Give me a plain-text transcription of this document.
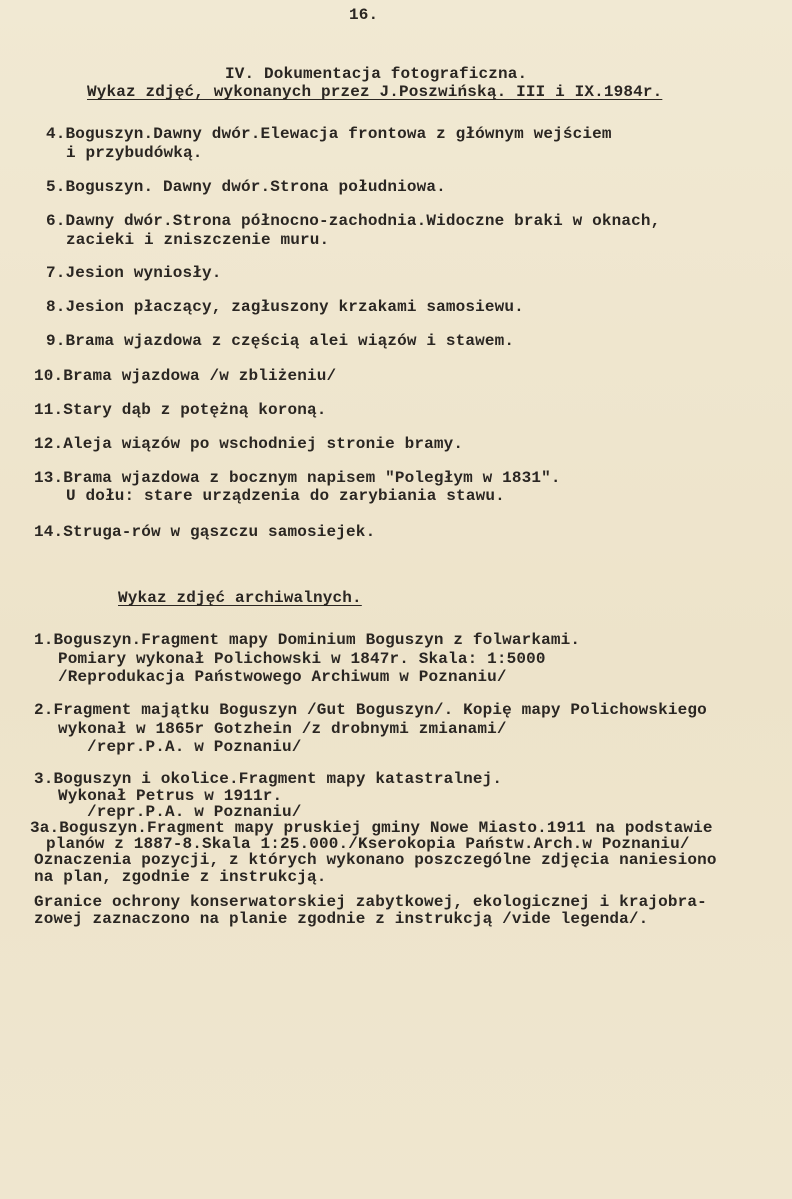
16.

IV. Dokumentacja fotograficzna.

Wykaz zdjęć, wykonanych przez J.Poszwińską. III i IX.1984r.
4.Boguszyn.Dawny dwór.Elewacja frontowa z głównym wejściem
i przybudówką.
5.Boguszyn. Dawny dwór.Strona południowa.
6.Dawny dwór.Strona północno-zachodnia.Widoczne braki w oknach,
zacieki i zniszczenie muru.
7.Jesion wyniosły.
8.Jesion płaczący, zagłuszony krzakami samosiewu.
9.Brama wjazdowa z częścią alei wiązów i stawem.
10.Brama wjazdowa /w zbliżeniu/
11.Stary dąb z potężną koroną.
12.Aleja wiązów po wschodniej stronie bramy.
13.Brama wjazdowa z bocznym napisem "Poległym w 1831".
U dołu: stare urządzenia do zarybiania stawu.
14.Struga-rów w gąszczu samosiejek.
Wykaz zdjęć archiwalnych.
1.Boguszyn.Fragment mapy Dominium Boguszyn z folwarkami.
Pomiary wykonał Polichowski w 1847r. Skala: 1:5000
/Reprodukacja Państwowego Archiwum w Poznaniu/
2.Fragment majątku Boguszyn /Gut Boguszyn/. Kopię mapy Polichowskiego
wykonał w 1865r Gotzhein /z drobnymi zmianami/
/repr.P.A. w Poznaniu/
3.Boguszyn i okolice.Fragment mapy katastralnej.
Wykonał Petrus w 1911r.
/repr.P.A. w Poznaniu/
3a.Boguszyn.Fragment mapy pruskiej gminy Nowe Miasto.1911 na podstawie
planów z 1887-8.Skala 1:25.000./Kserokopia Państw.Arch.w Poznaniu/
Oznaczenia pozycji, z których wykonano poszczególne zdjęcia naniesiono
na plan, zgodnie z instrukcją.
Granice ochrony konserwatorskiej zabytkowej, ekologicznej i krajobra-
zowej zaznaczono na planie zgodnie z instrukcją /vide legenda/.
